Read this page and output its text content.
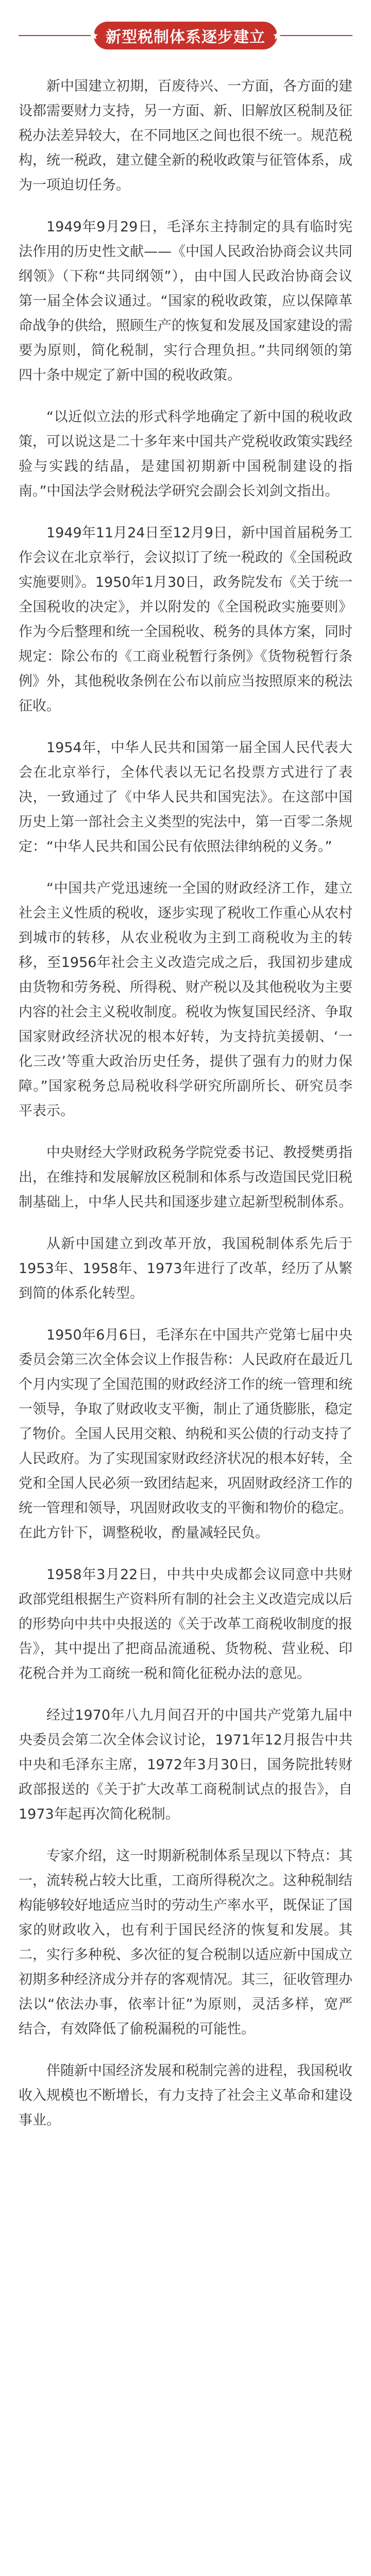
新型税制体系逐步建立

新中国建立初期，百废待兴、一方面，各方面的建设都需要财力支持，另一方面、新、旧解放区税制及征税办法差异较大，在不同地区之间也很不统一。规范税构，统一税政，建立健全新的税收政策与征管体系，成为一项迫切任务。

1949年9月29日，毛泽东主持制定的具有临时宪法作用的历史性文献——《中国人民政治协商会议共同纲领》（下称“共同纲领”），由中国人民政治协商会议第一届全体会议通过。“国家的税收政策，应以保障革命战争的供给，照顾生产的恢复和发展及国家建设的需要为原则，简化税制，实行合理负担。”共同纲领的第四十条中规定了新中国的税收政策。

“以近似立法的形式科学地确定了新中国的税收政策，可以说这是二十多年来中国共产党税收政策实践经验与实践的结晶，是建国初期新中国税制建设的指南。”中国法学会财税法学研究会副会长刘剑文指出。

1949年11月24日至12月9日，新中国首届税务工作会议在北京举行，会议拟订了统一税政的《全国税政实施要则》。1950年1月30日，政务院发布《关于统一全国税收的决定》，并以附发的《全国税政实施要则》作为今后整理和统一全国税收、税务的具体方案，同时规定：除公布的《工商业税暂行条例》《货物税暂行条例》外，其他税收条例在公布以前应当按照原来的税法征收。

1954年，中华人民共和国第一届全国人民代表大会在北京举行，全体代表以无记名投票方式进行了表决，一致通过了《中华人民共和国宪法》。在这部中国历史上第一部社会主义类型的宪法中，第一百零二条规定：“中华人民共和国公民有依照法律纳税的义务。”

“中国共产党迅速统一全国的财政经济工作，建立社会主义性质的税收，逐步实现了税收工作重心从农村到城市的转移，从农业税收为主到工商税收为主的转移，至1956年社会主义改造完成之后，我国初步建成由货物和劳务税、所得税、财产税以及其他税收为主要内容的社会主义税收制度。税收为恢复国民经济、争取国家财政经济状况的根本好转，为支持抗美援朝、‘一化三改’等重大政治历史任务，提供了强有力的财力保障。”国家税务总局税收科学研究所副所长、研究员李平表示。

中央财经大学财政税务学院党委书记、教授樊勇指出，在维持和发展解放区税制和体系与改造国民党旧税制基础上，中华人民共和国逐步建立起新型税制体系。

从新中国建立到改革开放，我国税制体系先后于1953年、1958年、1973年进行了改革，经历了从繁到简的体系化转型。

1950年6月6日，毛泽东在中国共产党第七届中央委员会第三次全体会议上作报告称：人民政府在最近几个月内实现了全国范围的财政经济工作的统一管理和统一领导，争取了财政收支平衡，制止了通货膨胀，稳定了物价。全国人民用交粮、纳税和买公债的行动支持了人民政府。为了实现国家财政经济状况的根本好转，全党和全国人民必须一致团结起来，巩固财政经济工作的统一管理和领导，巩固财政收支的平衡和物价的稳定。在此方针下，调整税收，酌量减轻民负。

1958年3月22日，中共中央成都会议同意中共财政部党组根据生产资料所有制的社会主义改造完成以后的形势向中共中央报送的《关于改革工商税收制度的报告》，其中提出了把商品流通税、货物税、营业税、印花税合并为工商统一税和简化征税办法的意见。

经过1970年八九月间召开的中国共产党第九届中央委员会第二次全体会议讨论，1971年12月报告中共中央和毛泽东主席，1972年3月30日，国务院批转财政部报送的《关于扩大改革工商税制试点的报告》，自1973年起再次简化税制。

专家介绍，这一时期新税制体系呈现以下特点：其一，流转税占较大比重，工商所得税次之。这种税制结构能够较好地适应当时的劳动生产率水平，既保证了国家的财政收入，也有利于国民经济的恢复和发展。其二，实行多种税、多次征的复合税制以适应新中国成立初期多种经济成分并存的客观情况。其三，征收管理办法以“依法办事，依率计征”为原则，灵活多样，宽严结合，有效降低了偷税漏税的可能性。

伴随新中国经济发展和税制完善的进程，我国税收收入规模也不断增长，有力支持了社会主义革命和建设事业。
